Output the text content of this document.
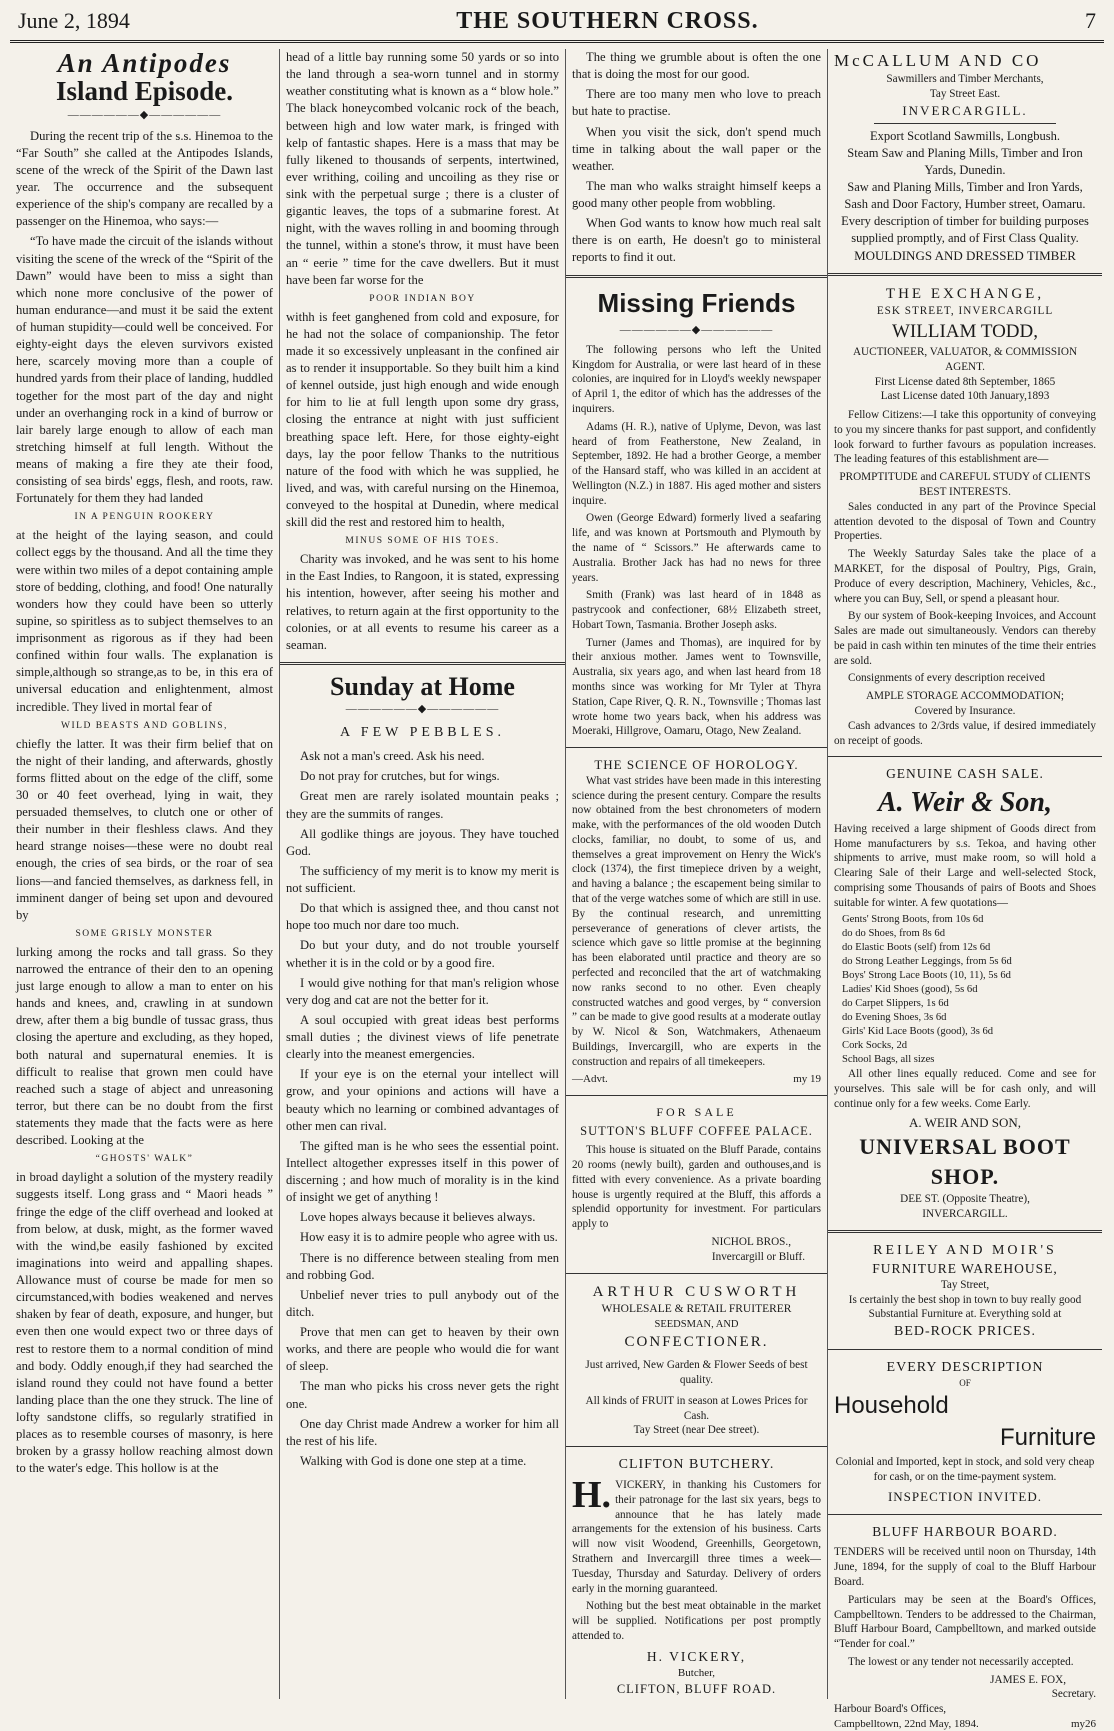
June 2, 1894	THE SOUTHERN CROSS.	7
An Antipodes
Island Episode.
——————◆——————

During the recent trip of the s.s. Hinemoa to the “Far South” she called at the Antipodes Islands, scene of the wreck of the Spirit of the Dawn last year. The occurrence and the subsequent experience of the ship's company are recalled by a passenger on the Hinemoa, who says:—

“To have made the circuit of the islands without visiting the scene of the wreck of the “Spirit of the Dawn” would have been to miss a sight than which none more conclusive of the power of human endurance—and must it be said the extent of human stupidity—could well be conceived. For eighty-eight days the eleven survivors existed here, scarcely moving more than a couple of hundred yards from their place of landing, huddled together for the most part of the day and night under an overhanging rock in a kind of burrow or lair barely large enough to allow of each man stretching himself at full length. Without the means of making a fire they ate their food, consisting of sea birds' eggs, flesh, and roots, raw. Fortunately for them they had landed

IN A PENGUIN ROOKERY

at the height of the laying season, and could collect eggs by the thousand. And all the time they were within two miles of a depot containing ample store of bedding, clothing, and food! One naturally wonders how they could have been so utterly supine, so spiritless as to subject themselves to an imprisonment as rigorous as if they had been confined within four walls. The explanation is simple,although so strange,as to be, in this era of universal education and enlightenment, almost incredible. They lived in mortal fear of

WILD BEASTS AND GOBLINS,

chiefly the latter. It was their firm belief that on the night of their landing, and afterwards, ghostly forms flitted about on the edge of the cliff, some 30 or 40 feet overhead, lying in wait, they persuaded themselves, to clutch one or other of their number in their fleshless claws. And they heard strange noises—these were no doubt real enough, the cries of sea birds, or the roar of sea lions—and fancied themselves, as darkness fell, in imminent danger of being set upon and devoured by

SOME GRISLY MONSTER

lurking among the rocks and tall grass. So they narrowed the entrance of their den to an opening just large enough to allow a man to enter on his hands and knees, and, crawling in at sundown drew, after them a big bundle of tussac grass, thus closing the aperture and excluding, as they hoped, both natural and supernatural enemies. It is difficult to realise that grown men could have reached such a stage of abject and unreasoning terror, but there can be no doubt from the first statements they made that the facts were as here described. Looking at the

“GHOSTS' WALK”

in broad daylight a solution of the mystery readily suggests itself. Long grass and “ Maori heads ” fringe the edge of the cliff overhead and looked at from below, at dusk, might, as the former waved with the wind,be easily fashioned by excited imaginations into weird and appalling shapes. Allowance must of course be made for men so circumstanced,with bodies weakened and nerves shaken by fear of death, exposure, and hunger, but even then one would expect two or three days of rest to restore them to a normal condition of mind and body. Oddly enough,if they had searched the island round they could not have found a better landing place than the one they struck. The line of lofty sandstone cliffs, so regularly stratified in places as to resemble courses of masonry, is here broken by a grassy hollow reaching almost down to the water's edge. This hollow is at the

head of a little bay running some 50 yards or so into the land through a sea-worn tunnel and in stormy weather constituting what is known as a “ blow hole.” The black honeycombed volcanic rock of the beach, between high and low water mark, is fringed with kelp of fantastic shapes. Here is a mass that may be fully likened to thousands of serpents, intertwined, ever writhing, coiling and uncoiling as they rise or sink with the perpetual surge ; there is a cluster of gigantic leaves, the tops of a submarine forest. At night, with the waves rolling in and booming through the tunnel, within a stone's throw, it must have been an “ eerie ” time for the cave dwellers. But it must have been far worse for the

POOR INDIAN BOY

withh is feet ganghened from cold and exposure, for he had not the solace of companionship. The fetor made it so excessively unpleasant in the confined air as to render it insupportable. So they built him a kind of kennel outside, just high enough and wide enough for him to lie at full length upon some dry grass, closing the entrance at night with just sufficient breathing space left. Here, for those eighty-eight days, lay the poor fellow Thanks to the nutritious nature of the food with which he was supplied, he lived, and was, with careful nursing on the Hinemoa, conveyed to the hospital at Dunedin, where medical skill did the rest and restored him to health,

MINUS SOME OF HIS TOES.

Charity was invoked, and he was sent to his home in the East Indies, to Rangoon, it is stated, expressing his intention, however, after seeing his mother and relatives, to return again at the first opportunity to the colonies, or at all events to resume his career as a seaman.

Sunday at Home
——————◆——————
A FEW PEBBLES.

Ask not a man's creed. Ask his need.

Do not pray for crutches, but for wings.

Great men are rarely isolated mountain peaks ; they are the summits of ranges.

All godlike things are joyous. They have touched God.

The sufficiency of my merit is to know my merit is not sufficient.

Do that which is assigned thee, and thou canst not hope too much nor dare too much.

Do but your duty, and do not trouble yourself whether it is in the cold or by a good fire.

I would give nothing for that man's religion whose very dog and cat are not the better for it.

A soul occupied with great ideas best performs small duties ; the divinest views of life penetrate clearly into the meanest emergencies.

If your eye is on the eternal your intellect will grow, and your opinions and actions will have a beauty which no learning or combined advantages of other men can rival.

The gifted man is he who sees the essential point. Intellect altogether expresses itself in this power of discerning ; and how much of morality is in the kind of insight we get of anything !

Love hopes always because it believes always.

How easy it is to admire people who agree with us.

There is no difference between stealing from men and robbing God.

Unbelief never tries to pull anybody out of the ditch.

Prove that men can get to heaven by their own works, and there are people who would die for want of sleep.

The man who picks his cross never gets the right one.

One day Christ made Andrew a worker for him all the rest of his life.

Walking with God is done one step at a time.

The thing we grumble about is often the one that is doing the most for our good.

There are too many men who love to preach but hate to practise.

When you visit the sick, don't spend much time in talking about the wall paper or the weather.

The man who walks straight himself keeps a good many other people from wobbling.

When God wants to know how much real salt there is on earth, He doesn't go to ministeral reports to find it out.

Missing Friends
——————◆——————

The following persons who left the United Kingdom for Australia, or were last heard of in these colonies, are inquired for in Lloyd's weekly newspaper of April 1, the editor of which has the addresses of the inquirers.

Adams (H. R.), native of Uplyme, Devon, was last heard of from Featherstone, New Zealand, in September, 1892. He had a brother George, a member of the Hansard staff, who was killed in an accident at Wellington (N.Z.) in 1887. His aged mother and sisters inquire.

Owen (George Edward) formerly lived a seafaring life, and was known at Portsmouth and Plymouth by the name of “ Scissors.” He afterwards came to Australia. Brother Jack has had no news for three years.

Smith (Frank) was last heard of in 1848 as pastrycook and confectioner, 68½ Elizabeth street, Hobart Town, Tasmania. Brother Joseph asks.

Turner (James and Thomas), are inquired for by their anxious mother. James went to Townsville, Australia, six years ago, and when last heard from 18 months since was working for Mr Tyler at Thyra Station, Cape River, Q. R. N., Townsville ; Thomas last wrote home two years back, when his address was Moeraki, Hillgrove, Oamaru, Otago, New Zealand.

THE SCIENCE OF HOROLOGY.

What vast strides have been made in this interesting science during the present century. Compare the results now obtained from the best chronometers of modern make, with the performances of the old wooden Dutch clocks, familiar, no doubt, to some of us, and themselves a great improvement on Henry the Wick's clock (1374), the first timepiece driven by a weight, and having a balance ; the escapement being similar to that of the verge watches some of which are still in use. By the continual research, and unremitting perseverance of generations of clever artists, the science which gave so little promise at the beginning has been elaborated until practice and theory are so perfected and reconciled that the art of watchmaking now ranks second to no other. Even cheaply constructed watches and good verges, by “ conversion ” can be made to give good results at a moderate outlay by W. Nicol & Son, Watchmakers, Athenaeum Buildings, Invercargill, who are experts in the construction and repairs of all timekeepers.

—Advt.	my 19
FOR SALE
SUTTON'S BLUFF COFFEE PALACE.

This house is situated on the Bluff Parade, contains 20 rooms (newly built), garden and outhouses,and is fitted with every convenience. As a private boarding house is urgently required at the Bluff, this affords a splendid opportunity for investment. For particulars apply to

NICHOL BROS.,
Invercargill or Bluff.
ARTHUR CUSWORTH
WHOLESALE & RETAIL FRUITERER
SEEDSMAN, AND
CONFECTIONER.
Just arrived, New Garden & Flower Seeds of best quality.
All kinds of FRUIT in season at Lowes Prices for Cash.
Tay Street (near Dee street).
CLIFTON BUTCHERY.
H. VICKERY, in thanking his Customers for their patronage for the last six years, begs to announce that he has lately made arrangements for the extension of his business. Carts will now visit Woodend, Greenhills, Georgetown, Strathern and Invercargill three times a week—Tuesday, Thursday and Saturday. Delivery of orders early in the morning guaranteed.

Nothing but the best meat obtainable in the market will be supplied. Notifications per post promptly attended to.

H. VICKERY,
Butcher,
CLIFTON, BLUFF ROAD.
McCALLUM AND CO
Sawmillers and Timber Merchants,
Tay Street East.
INVERCARGILL.
Export Scotland Sawmills, Longbush.
Steam Saw and Planing Mills, Timber and Iron Yards, Dunedin.
Saw and Planing Mills, Timber and Iron Yards, Sash and Door Factory, Humber street, Oamaru.
Every description of timber for building purposes supplied promptly, and of First Class Quality.
MOULDINGS AND DRESSED TIMBER
THE EXCHANGE,
ESK STREET, INVERCARGILL
WILLIAM TODD,
AUCTIONEER, VALUATOR, & COMMISSION AGENT.
First License dated 8th September, 1865
Last License dated 10th January,1893

Fellow Citizens:—I take this opportunity of conveying to you my sincere thanks for past support, and confidently look forward to further favours as population increases. The leading features of this establishment are—

PROMPTITUDE and CAREFUL STUDY of CLIENTS BEST INTERESTS.

Sales conducted in any part of the Province Special attention devoted to the disposal of Town and Country Properties.

The Weekly Saturday Sales take the place of a MARKET, for the disposal of Poultry, Pigs, Grain, Produce of every description, Machinery, Vehicles, &c., where you can Buy, Sell, or spend a pleasant hour.

By our system of Book-keeping Invoices, and Account Sales are made out simultaneously. Vendors can thereby be paid in cash within ten minutes of the time their entries are sold.

Consignments of every description received

AMPLE STORAGE ACCOMMODATION;
Covered by Insurance.

Cash advances to 2/3rds value, if desired immediately on receipt of goods.

GENUINE CASH SALE.
A. Weir & Son,

Having received a large shipment of Goods direct from Home manufacturers by s.s. Tekoa, and having other shipments to arrive, must make room, so will hold a Clearing Sale of their Large and well-selected Stock, comprising some Thousands of pairs of Boots and Shoes suitable for winter. A few quotations—

Gents' Strong Boots, from 10s 6d
do do Shoes, from 8s 6d
do Elastic Boots (self) from 12s 6d
do Strong Leather Leggings, from 5s 6d
Boys' Strong Lace Boots (10, 11), 5s 6d
Ladies' Kid Shoes (good), 5s 6d
do Carpet Slippers, 1s 6d
do Evening Shoes, 3s 6d
Girls' Kid Lace Boots (good), 3s 6d
Cork Socks, 2d
School Bags, all sizes

All other lines equally reduced. Come and see for yourselves. This sale will be for cash only, and will continue only for a few weeks. Come Early.

A. WEIR AND SON,
UNIVERSAL BOOT SHOP.
DEE ST. (Opposite Theatre),
INVERCARGILL.
REILEY AND MOIR'S
FURNITURE WAREHOUSE,
Tay Street,
Is certainly the best shop in town to buy really good Substantial Furniture at. Everything sold at
BED-ROCK PRICES.
EVERY DESCRIPTION
OF
Household
Furniture
Colonial and Imported, kept in stock, and sold very cheap for cash, or on the time-payment system.
INSPECTION INVITED.
BLUFF HARBOUR BOARD.

TENDERS will be received until noon on Thursday, 14th June, 1894, for the supply of coal to the Bluff Harbour Board.

Particulars may be seen at the Board's Offices, Campbelltown. Tenders to be addressed to the Chairman, Bluff Harbour Board, Campbelltown, and marked outside “Tender for coal.”

The lowest or any tender not necessarily accepted.

JAMES E. FOX,
Secretary.
Harbour Board's Offices,
Campbelltown, 22nd May, 1894.	my26
